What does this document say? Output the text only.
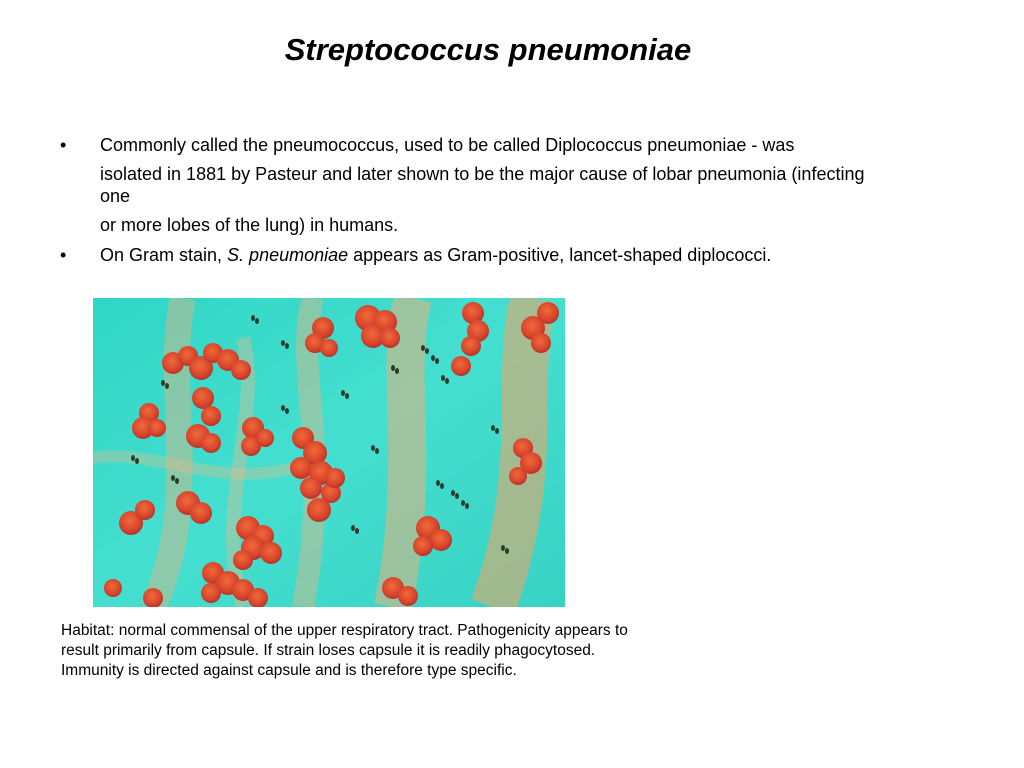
Streptococcus pneumoniae
•	Commonly called the pneumococcus, used to be called Diplococcus pneumoniae - was
isolated in 1881 by Pasteur and later shown to be the major cause of lobar pneumonia (infecting one
or more lobes of the lung) in humans.
•	On Gram stain, S. pneumoniae appears as Gram-positive, lancet-shaped diplococci.
Habitat: normal commensal of the upper respiratory tract. Pathogenicity appears to result primarily from capsule. If strain loses capsule it is readily phagocytosed. Immunity is directed against capsule and is therefore type specific.
